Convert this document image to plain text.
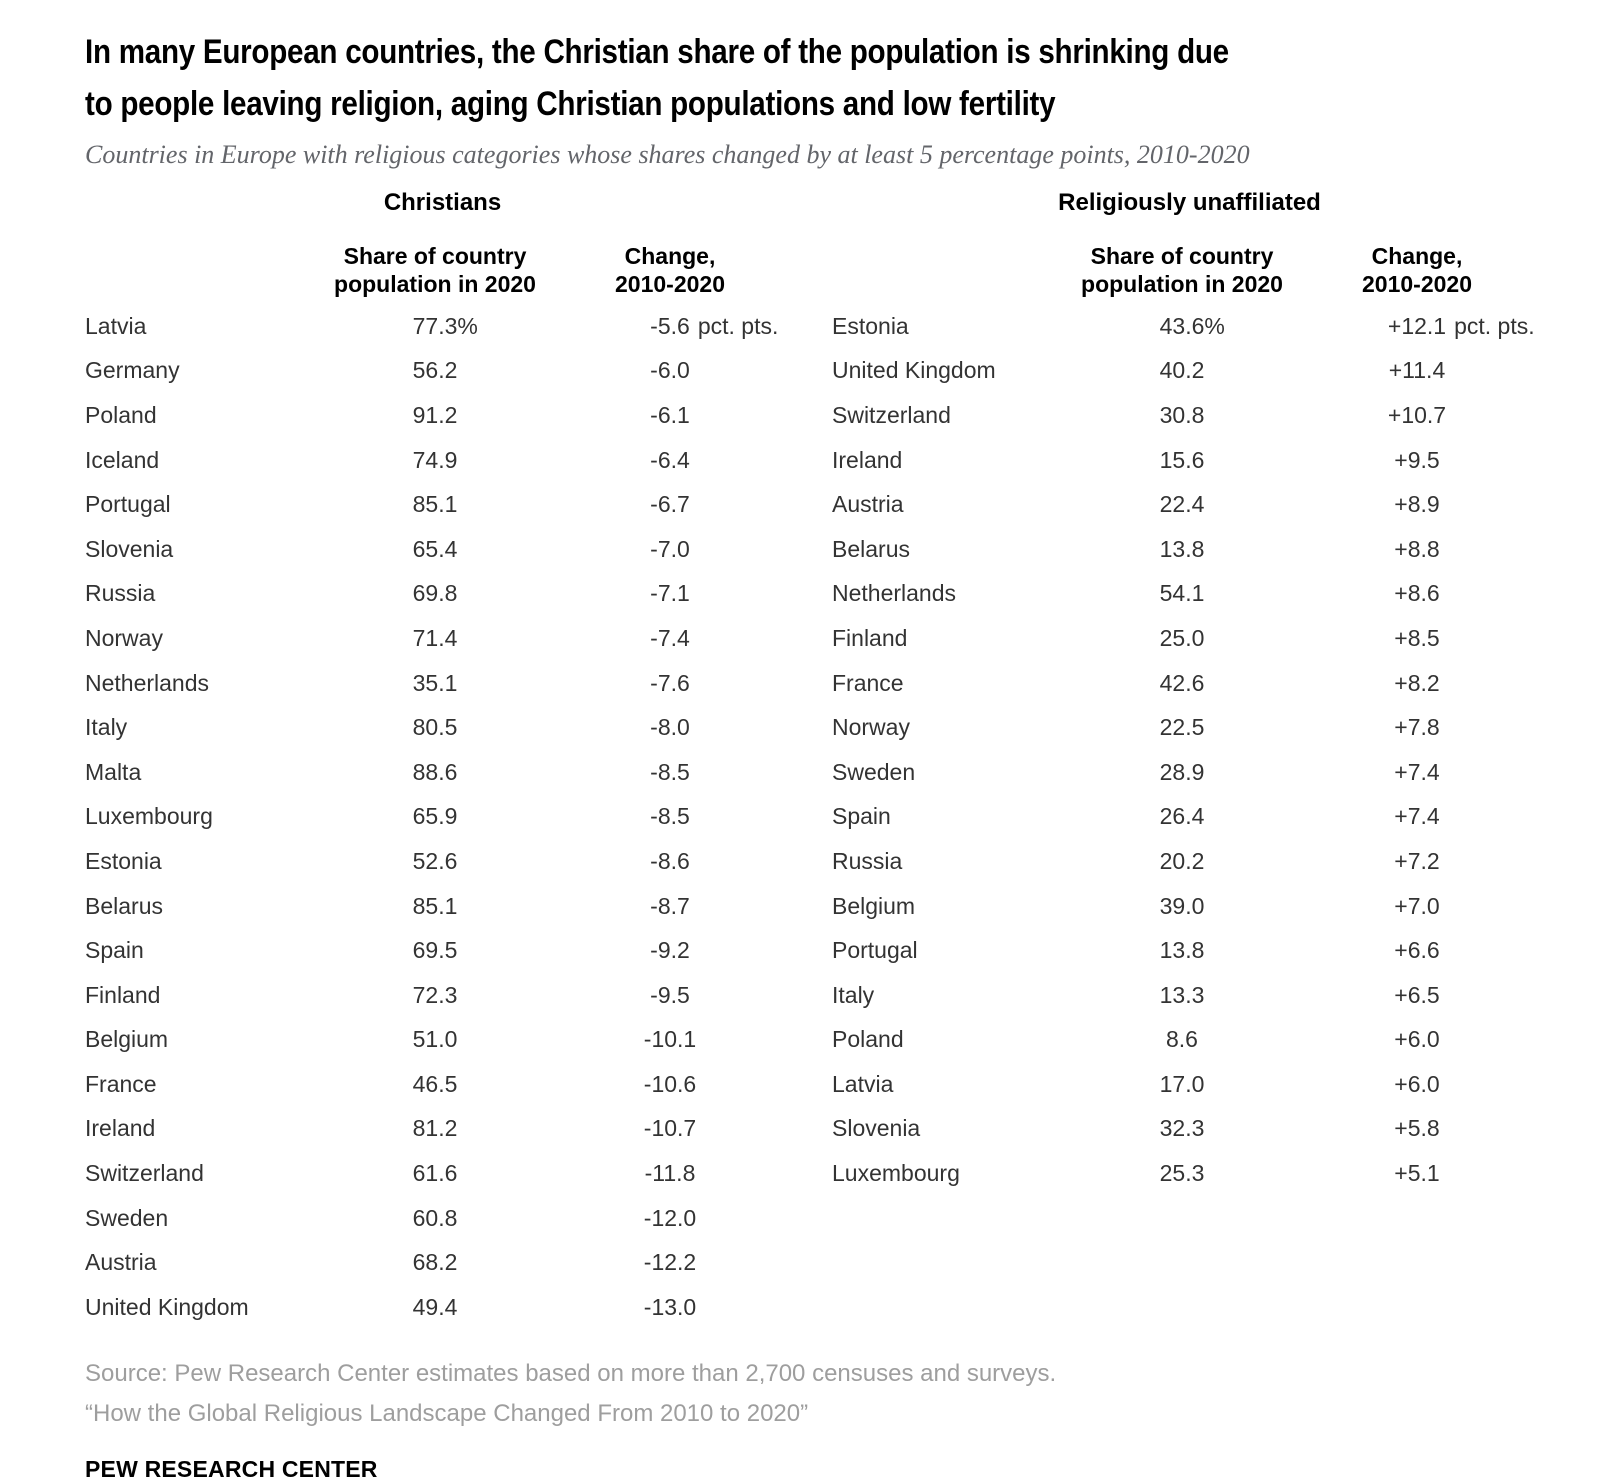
In many European countries, the Christian share of the population is shrinking due
to people leaving religion, aging Christian populations and low fertility

Countries in Europe with religious categories whose shares changed by at least 5 percentage points, 2010-2020

Christians
Share of country
population in 2020
Change,
2010-2020
Latvia	77.3 %	-5.6 pct. pts.
Germany	56.2	-6.0
Poland	91.2	-6.1
Iceland	74.9	-6.4
Portugal	85.1	-6.7
Slovenia	65.4	-7.0
Russia	69.8	-7.1
Norway	71.4	-7.4
Netherlands	35.1	-7.6
Italy	80.5	-8.0
Malta	88.6	-8.5
Luxembourg	65.9	-8.5
Estonia	52.6	-8.6
Belarus	85.1	-8.7
Spain	69.5	-9.2
Finland	72.3	-9.5
Belgium	51.0	-10.1
France	46.5	-10.6
Ireland	81.2	-10.7
Switzerland	61.6	-11.8
Sweden	60.8	-12.0
Austria	68.2	-12.2
United Kingdom	49.4	-13.0
Religiously unaffiliated
Share of country
population in 2020
Change,
2010-2020
Estonia	43.6 %	+12.1 pct. pts.
United Kingdom	40.2	+11.4
Switzerland	30.8	+10.7
Ireland	15.6	+9.5
Austria	22.4	+8.9
Belarus	13.8	+8.8
Netherlands	54.1	+8.6
Finland	25.0	+8.5
France	42.6	+8.2
Norway	22.5	+7.8
Sweden	28.9	+7.4
Spain	26.4	+7.4
Russia	20.2	+7.2
Belgium	39.0	+7.0
Portugal	13.8	+6.6
Italy	13.3	+6.5
Poland	8.6	+6.0
Latvia	17.0	+6.0
Slovenia	32.3	+5.8
Luxembourg	25.3	+5.1

Source: Pew Research Center estimates based on more than 2,700 censuses and surveys.

“How the Global Religious Landscape Changed From 2010 to 2020”

PEW RESEARCH CENTER
